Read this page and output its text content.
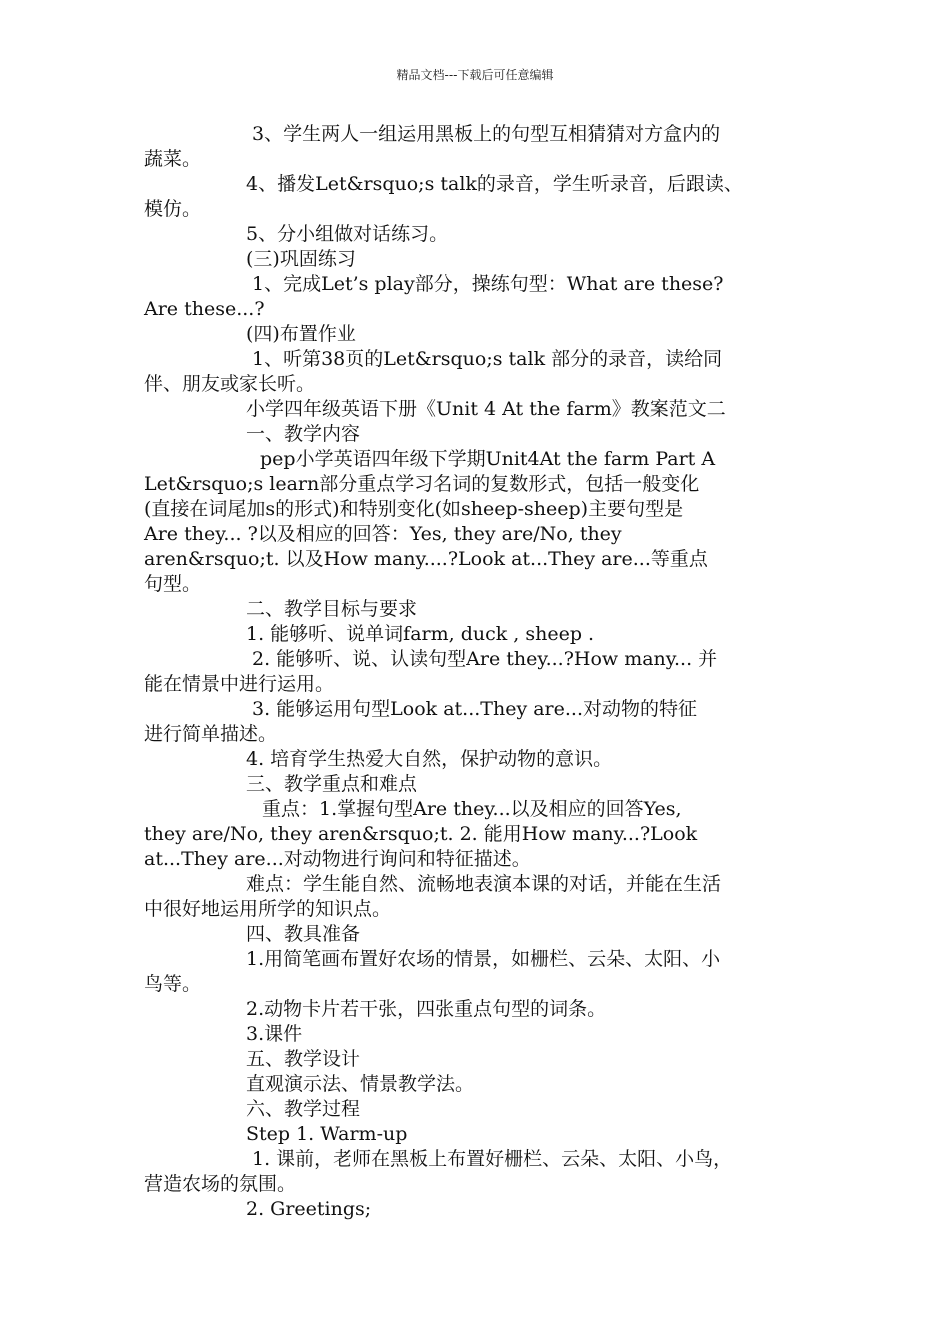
精品文档---下载后可任意编辑
3、学生两人一组运用黑板上的句型互相猜猜对方盒内的
蔬菜。
4、播发Let&rsquo;s talk的录音，学生听录音，后跟读、
模仿。
5、分小组做对话练习。
(三)巩固练习
1、完成Let’s play部分，操练句型：What are these?
Are these...?
(四)布置作业
1、听第38页的Let&rsquo;s talk 部分的录音，读给同
伴、朋友或家长听。
小学四年级英语下册《Unit 4 At the farm》教案范文二
一、教学内容
pep小学英语四年级下学期Unit4At the farm Part A
Let&rsquo;s learn部分重点学习名词的复数形式，包括一般变化
(直接在词尾加s的形式)和特别变化(如sheep-sheep)主要句型是
Are they... ?以及相应的回答：Yes, they are/No, they
aren&rsquo;t. 以及How many....?Look at...They are...等重点
句型。
二、教学目标与要求
1. 能够听、说单词farm, duck , sheep .
2. 能够听、说、认读句型Are they...?How many... 并
能在情景中进行运用。
3. 能够运用句型Look at...They are...对动物的特征
进行简单描述。
4. 培育学生热爱大自然，保护动物的意识。
三、教学重点和难点
重点：1.掌握句型Are they...以及相应的回答Yes,
they are/No, they aren&rsquo;t. 2. 能用How many...?Look
at...They are...对动物进行询问和特征描述。
难点：学生能自然、流畅地表演本课的对话，并能在生活
中很好地运用所学的知识点。
四、教具准备
1.用简笔画布置好农场的情景，如栅栏、云朵、太阳、小
鸟等。
2.动物卡片若干张，四张重点句型的词条。
3.课件
五、教学设计
直观演示法、情景教学法。
六、教学过程
Step 1. Warm-up
1. 课前，老师在黑板上布置好栅栏、云朵、太阳、小鸟，
营造农场的氛围。
2. Greetings;
